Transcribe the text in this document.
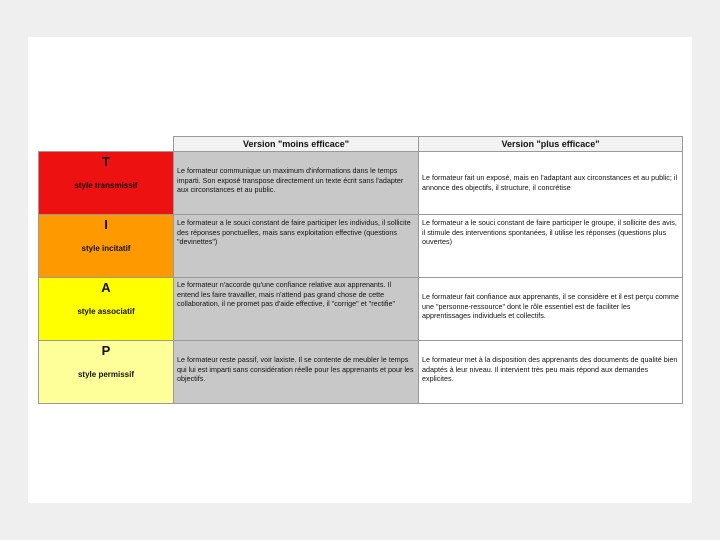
	Version "moins efficace"	Version "plus efficace"

T
style transmissif	Le formateur communique un maximum d'informations dans le temps imparti. Son exposé transpose directement un texte écrit sans l'adapter aux circonstances et au public.	Le formateur fait un exposé, mais en l'adaptant aux circonstances et au public; il annonce des objectifs, il structure, il concrétise

I
style incitatif	Le formateur a le souci constant de faire participer les individus, il sollicite des réponses ponctuelles, mais sans exploitation effective (questions "devinettes")	Le formateur a le souci constant de faire participer le groupe, il sollicite des avis, il stimule des interventions spontanées, il utilise les réponses (questions plus ouvertes)

A
style associatif	Le formateur n'accorde qu'une confiance relative aux apprenants. Il entend les faire travailler, mais n'attend pas grand chose de cette collaboration, il ne promet pas d'aide effective, il "corrige" et "rectifie"	Le formateur fait confiance aux apprenants, il se considère et il est perçu comme une "personne-ressource" dont le rôle essentiel est de faciliter les apprentissages individuels et collectifs.

P
style permissif	Le formateur reste passif, voir laxiste. Il se contente de meubler le temps qui lui est imparti sans considération réelle pour les apprenants et pour les objectifs.	Le formateur met à la disposition des apprenants des documents de qualité bien adaptés à leur niveau. Il intervient très peu mais répond aux demandes explicites.
